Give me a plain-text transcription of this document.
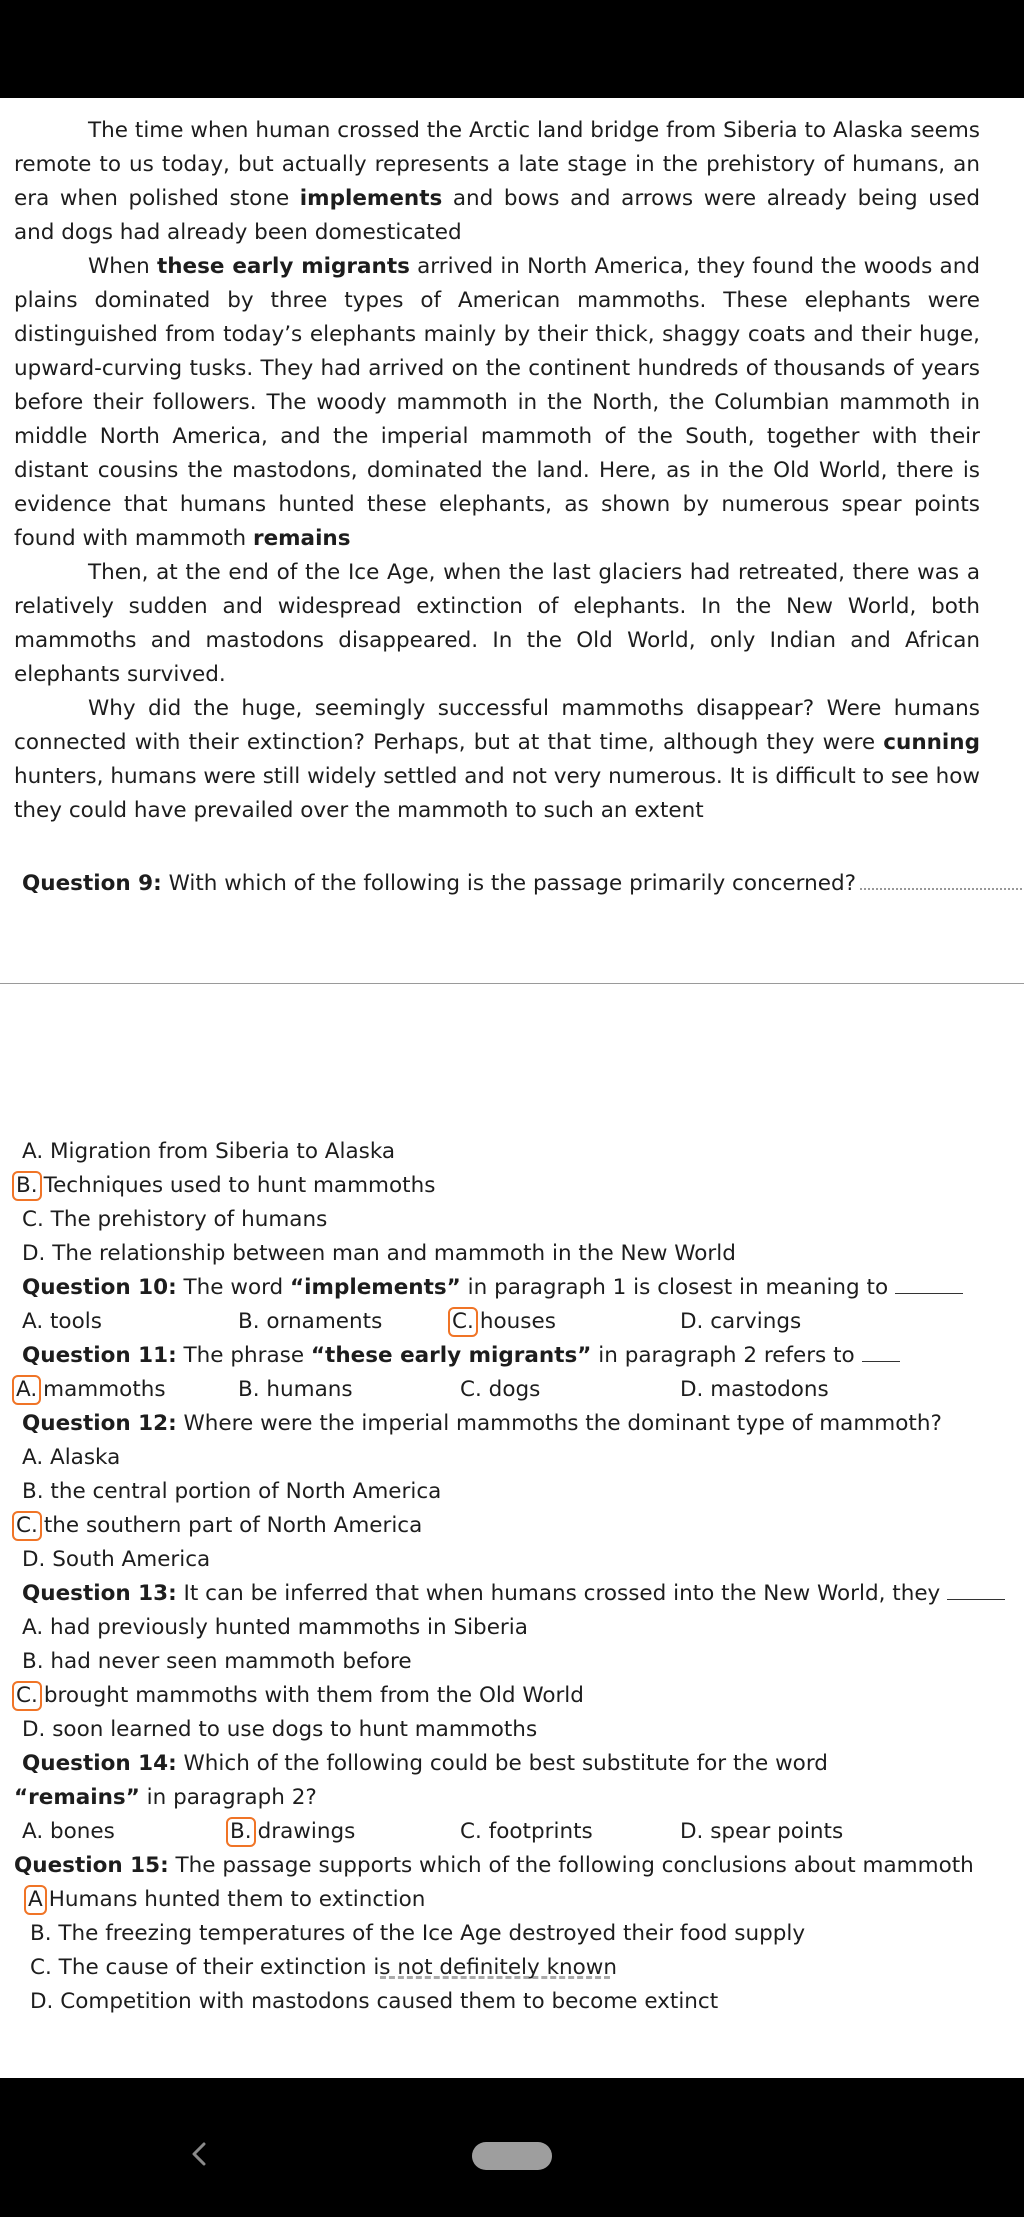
The time when human crossed the Arctic land bridge from Siberia to Alaska seems remote to us today, but actually represents a late stage in the prehistory of humans, an era when polished stone implements and bows and arrows were already being used and dogs had already been domesticated

When these early migrants arrived in North America, they found the woods and plains dominated by three types of American mammoths. These elephants were distinguished from today’s elephants mainly by their thick, shaggy coats and their huge, upward-curving tusks. They had arrived on the continent hundreds of thousands of years before their followers. The woody mammoth in the North, the Columbian mammoth in middle North America, and the imperial mammoth of the South, together with their distant cousins the mastodons, dominated the land. Here, as in the Old World, there is evidence that humans hunted these elephants, as shown by numerous spear points found with mammoth remains

Then, at the end of the Ice Age, when the last glaciers had retreated, there was a relatively sudden and widespread extinction of elephants. In the New World, both mammoths and mastodons disappeared. In the Old World, only Indian and African elephants survived.

Why did the huge, seemingly successful mammoths disappear? Were humans connected with their extinction? Perhaps, but at that time, although they were cunning hunters, humans were still widely settled and not very numerous. It is difficult to see how they could have prevailed over the mammoth to such an extent

Question 9: With which of the following is the passage primarily concerned?
A. Migration from Siberia to Alaska
B. Techniques used to hunt mammoths
C. The prehistory of humans
D. The relationship between man and mammoth in the New World
Question 10: The word “implements” in paragraph 1 is closest in meaning to
A. tools	B. ornaments	C. houses	D. carvings
Question 11: The phrase “these early migrants” in paragraph 2 refers to
A. mammoths	B. humans	C. dogs	D. mastodons
Question 12: Where were the imperial mammoths the dominant type of mammoth?
A. Alaska
B. the central portion of North America
C. the southern part of North America
D. South America
Question 13: It can be inferred that when humans crossed into the New World, they
A. had previously hunted mammoths in Siberia
B. had never seen mammoth before
C. brought mammoths with them from the Old World
D. soon learned to use dogs to hunt mammoths
Question 14: Which of the following could be best substitute for the word
“remains” in paragraph 2?
A. bones	B. drawings	C. footprints	D. spear points
Question 15: The passage supports which of the following conclusions about mammoth
A Humans hunted them to extinction
B. The freezing temperatures of the Ice Age destroyed their food supply
C. The cause of their extinction is not definitely known
D. Competition with mastodons caused them to become extinct
